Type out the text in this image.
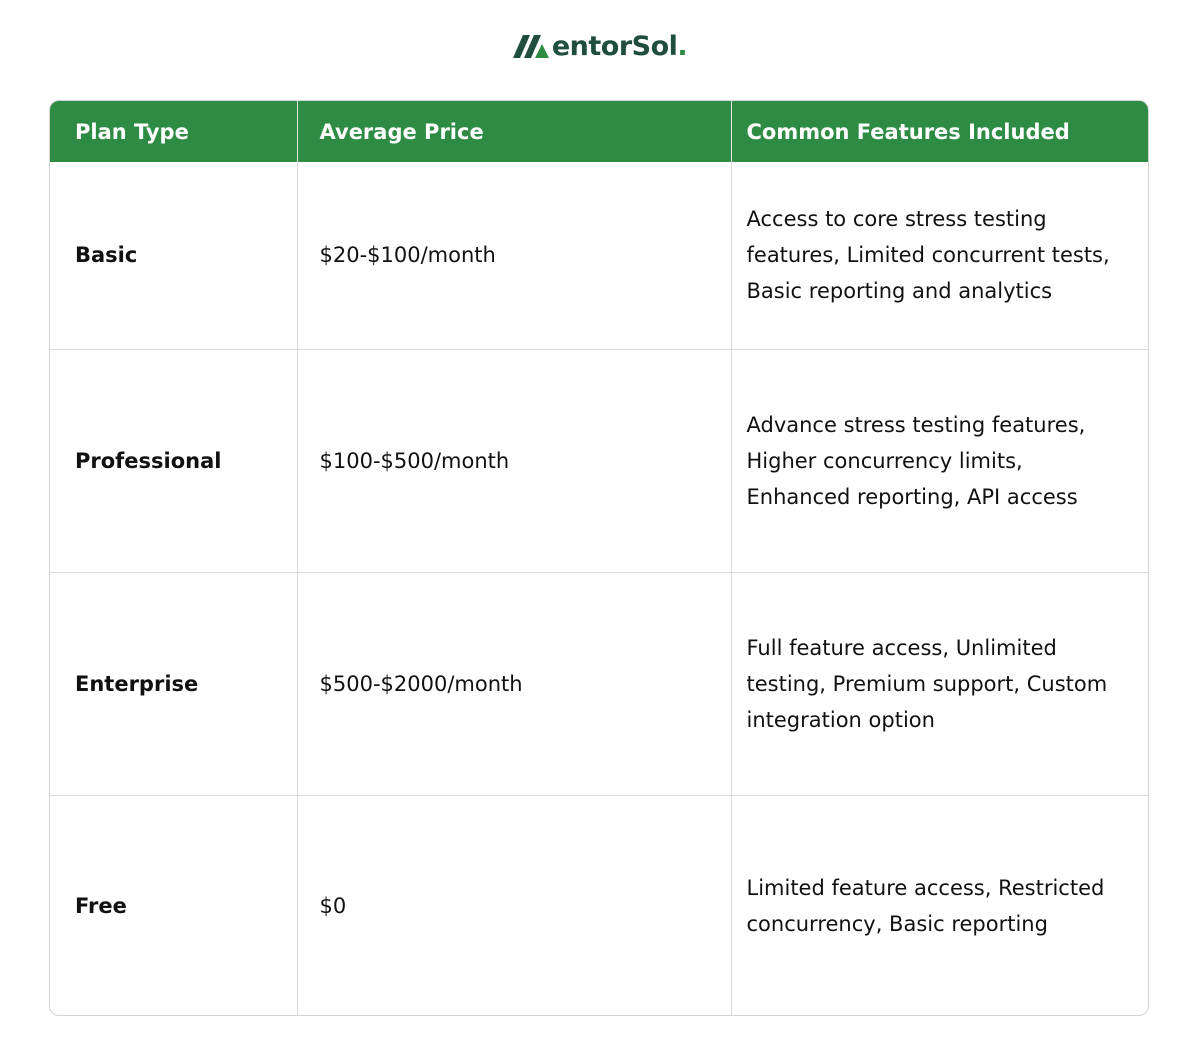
entor Sol .
Plan Type	Average Price	Common Features Included
Basic	$20-$100/month	Access to core stress testing features, Limited concurrent tests, Basic reporting and analytics
Professional	$100-$500/month	Advance stress testing features, Higher concurrency limits, Enhanced reporting, API access
Enterprise	$500-$2000/month	Full feature access, Unlimited testing, Premium support, Custom integration option
Free	$0	Limited feature access, Restricted concurrency, Basic reporting
